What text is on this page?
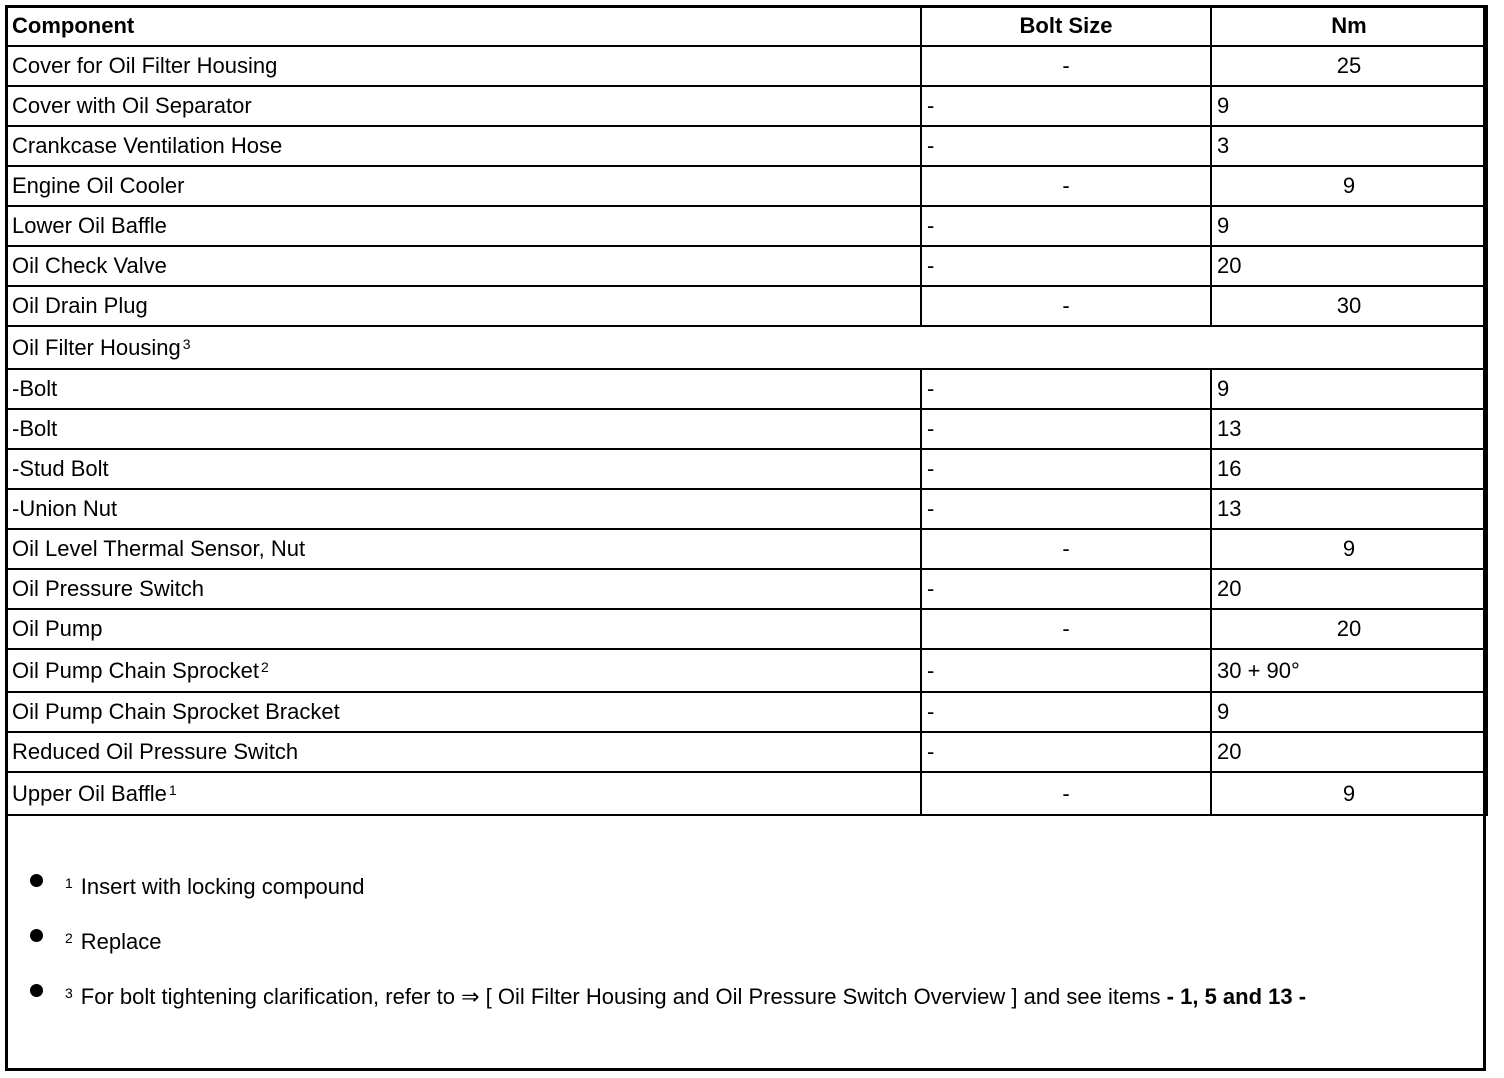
Component	Bolt Size	Nm
Cover for Oil Filter Housing	-	25
Cover with Oil Separator	-	9
Crankcase Ventilation Hose	-	3
Engine Oil Cooler	-	9
Lower Oil Baffle	-	9
Oil Check Valve	-	20
Oil Drain Plug	-	30
Oil Filter Housing $^3$
-Bolt	-	9
-Bolt	-	13
-Stud Bolt	-	16
-Union Nut	-	13
Oil Level Thermal Sensor, Nut	-	9
Oil Pressure Switch	-	20
Oil Pump	-	20
Oil Pump Chain Sprocket $^2$	-	30 + 90°
Oil Pump Chain Sprocket Bracket	-	9
Reduced Oil Pressure Switch	-	20
Upper Oil Baffle $^1$	-	9
$^1$ Insert with locking compound
$^2$ Replace
$^3$ For bolt tightening clarification, refer to ⇒ [ Oil Filter Housing and Oil Pressure Switch Overview ] and see items - 1, 5 and 13 -
